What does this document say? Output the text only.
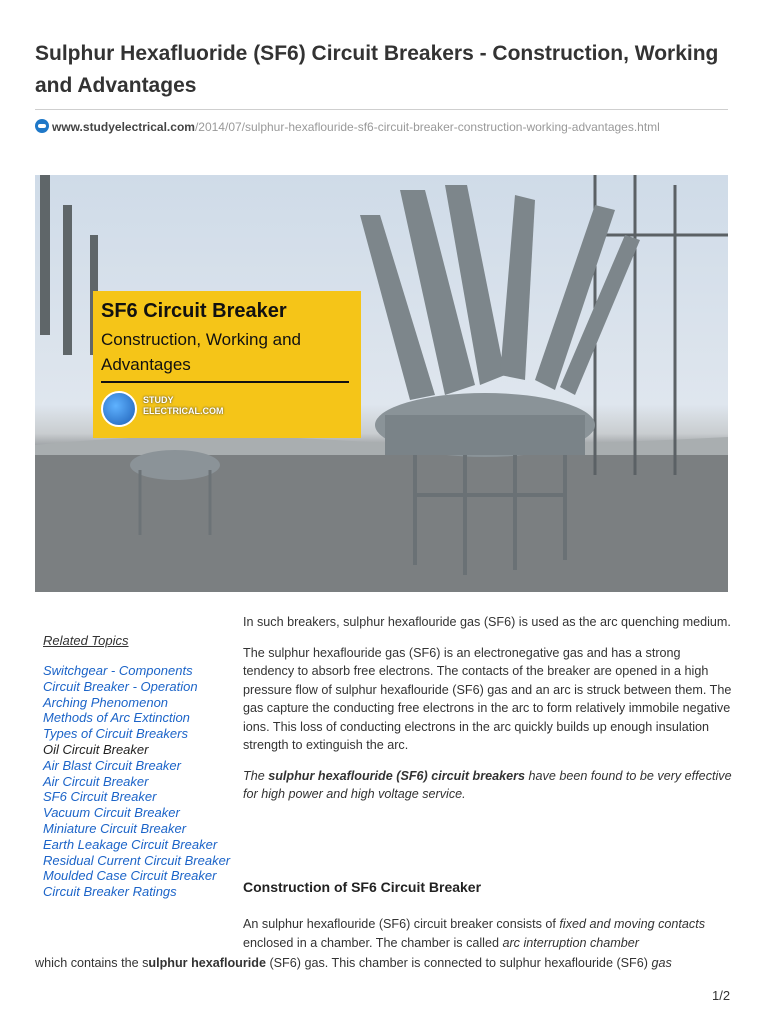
Sulphur Hexafluoride (SF6) Circuit Breakers - Construction, Working and Advantages
www.studyelectrical.com/2014/07/sulphur-hexaflouride-sf6-circuit-breaker-construction-working-advantages.html
SF6 Circuit Breaker
Construction, Working and Advantages
STUDY
ELECTRICAL.COM
Related Topics
Switchgear - Components
Circuit Breaker - Operation
Arching Phenomenon
Methods of Arc Extinction
Types of Circuit Breakers
Oil Circuit Breaker
Air Blast Circuit Breaker
Air Circuit Breaker
SF6 Circuit Breaker
Vacuum Circuit Breaker
Miniature Circuit Breaker
Earth Leakage Circuit Breaker
Residual Current Circuit Breaker
Moulded Case Circuit Breaker
Circuit Breaker Ratings

In such breakers, sulphur hexaflouride gas (SF6) is used as the arc quenching medium.

The sulphur hexaflouride gas (SF6) is an electronegative gas and has a strong tendency to absorb free electrons. The contacts of the breaker are opened in a high pressure flow of sulphur hexaflouride (SF6) gas and an arc is struck between them. The gas capture the conducting free electrons in the arc to form relatively immobile negative ions. This loss of conducting electrons in the arc quickly builds up enough insulation strength to extinguish the arc.

The sulphur hexaflouride (SF6) circuit breakers have been found to be very effective for high power and high voltage service.

Construction of SF6 Circuit Breaker
An sulphur hexaflouride (SF6) circuit breaker consists of fixed and moving contacts enclosed in a chamber. The chamber is called arc interruption chamber
which contains the sulphur hexaflouride (SF6) gas. This chamber is connected to sulphur hexaflouride (SF6) gas
1/2
